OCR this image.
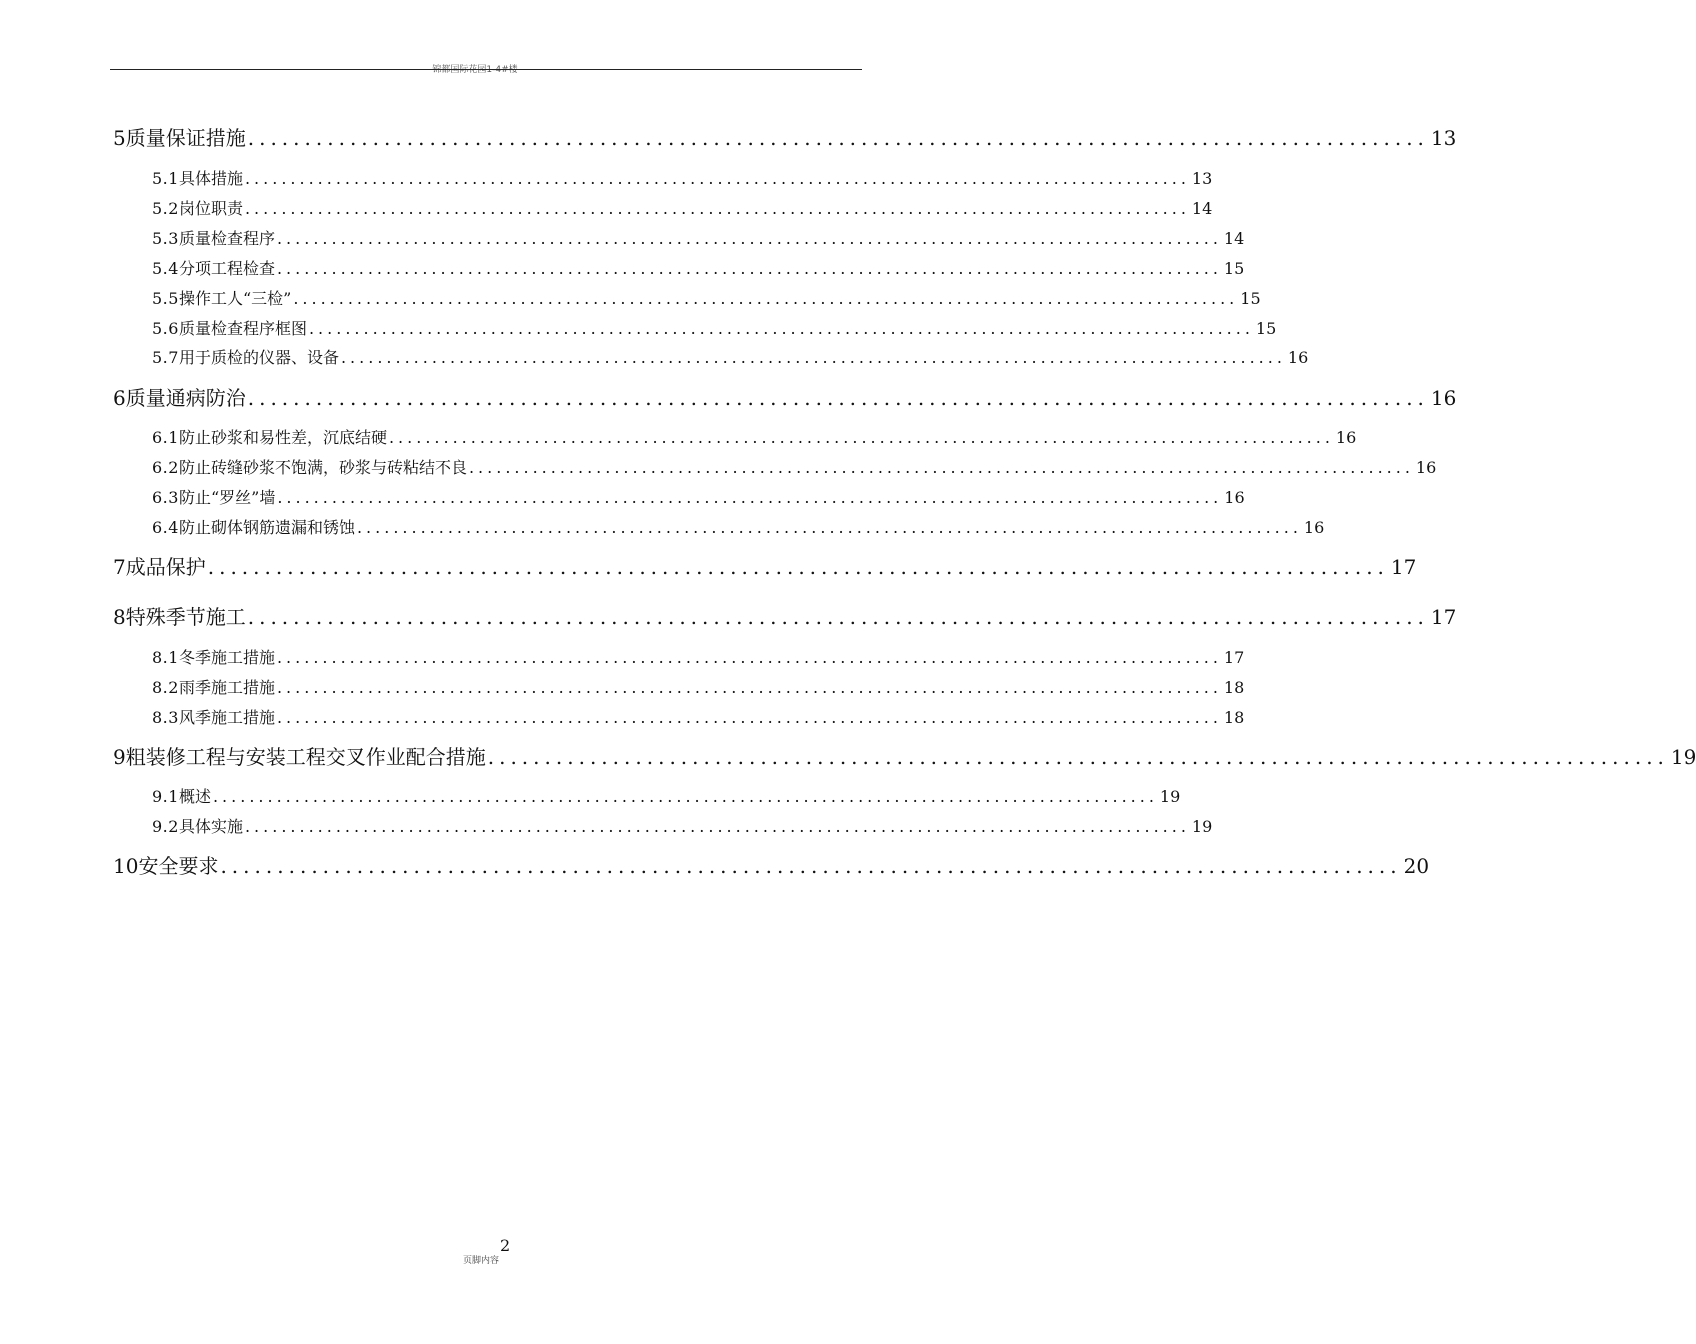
锦都国际花园1-4#楼
5 质量保证措施 ........................................................................................................ 13
5.1 具体措施 ........................................................................................................ 13
5.2 岗位职责 ........................................................................................................ 14
5.3 质量检查程序 ........................................................................................................ 14
5.4 分项工程检查 ........................................................................................................ 15
5.5 操作工人“三检” ........................................................................................................ 15
5.6 质量检查程序框图 ........................................................................................................ 15
5.7 用于质检的仪器、设备 ........................................................................................................ 16
6 质量通病防治 ........................................................................................................ 16
6.1 防止砂浆和易性差，沉底结硬 ........................................................................................................ 16
6.2 防止砖缝砂浆不饱满，砂浆与砖粘结不良 ........................................................................................................ 16
6.3 防止“罗丝”墙 ........................................................................................................ 16
6.4 防止砌体钢筋遗漏和锈蚀 ........................................................................................................ 16
7 成品保护 ........................................................................................................ 17
8 特殊季节施工 ........................................................................................................ 17
8.1 冬季施工措施 ........................................................................................................ 17
8.2 雨季施工措施 ........................................................................................................ 18
8.3 风季施工措施 ........................................................................................................ 18
9 粗装修工程与安装工程交叉作业配合措施 ........................................................................................................ 19
9.1 概述 ........................................................................................................ 19
9.2 具体实施 ........................................................................................................ 19
10 安全要求 ........................................................................................................ 20
2
页脚内容
